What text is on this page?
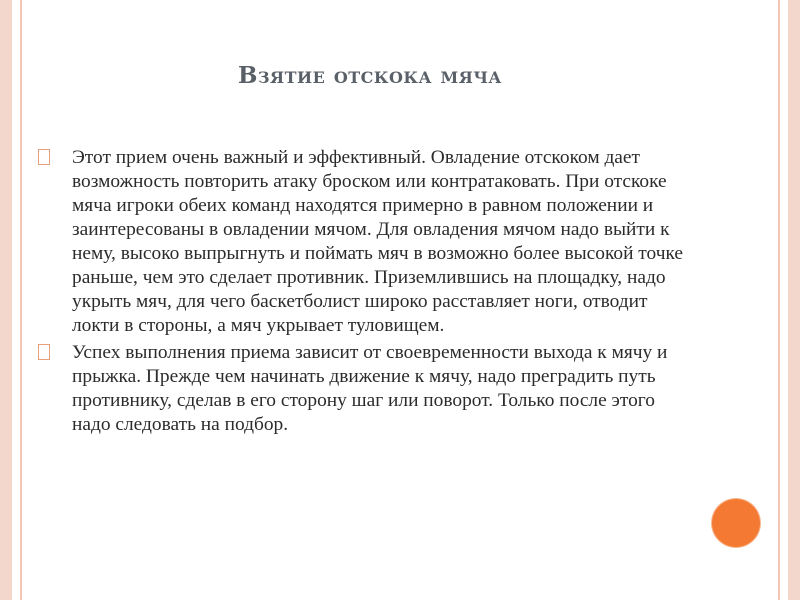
Взятие отскока мяча
Этот прием очень важный и эффективный. Овладение отскоком дает возможность повторить атаку броском или контратаковать. При отскоке мяча игроки обеих команд находятся примерно в равном положении и заинтересованы в овладении мячом. Для овладения мячом надо выйти к нему, высоко выпрыгнуть и поймать мяч в возможно более высокой точке раньше, чем это сделает противник. Приземлившись на площадку, надо укрыть мяч, для чего баскетболист широко расставляет ноги, отводит локти в стороны, а мяч укрывает туловищем.
Успех выполнения приема зависит от своевременности выхода к мячу и прыжка. Прежде чем начинать движение к мячу, надо преградить путь противнику, сделав в его сторону шаг или поворот. Только после этого надо следовать на подбор.
